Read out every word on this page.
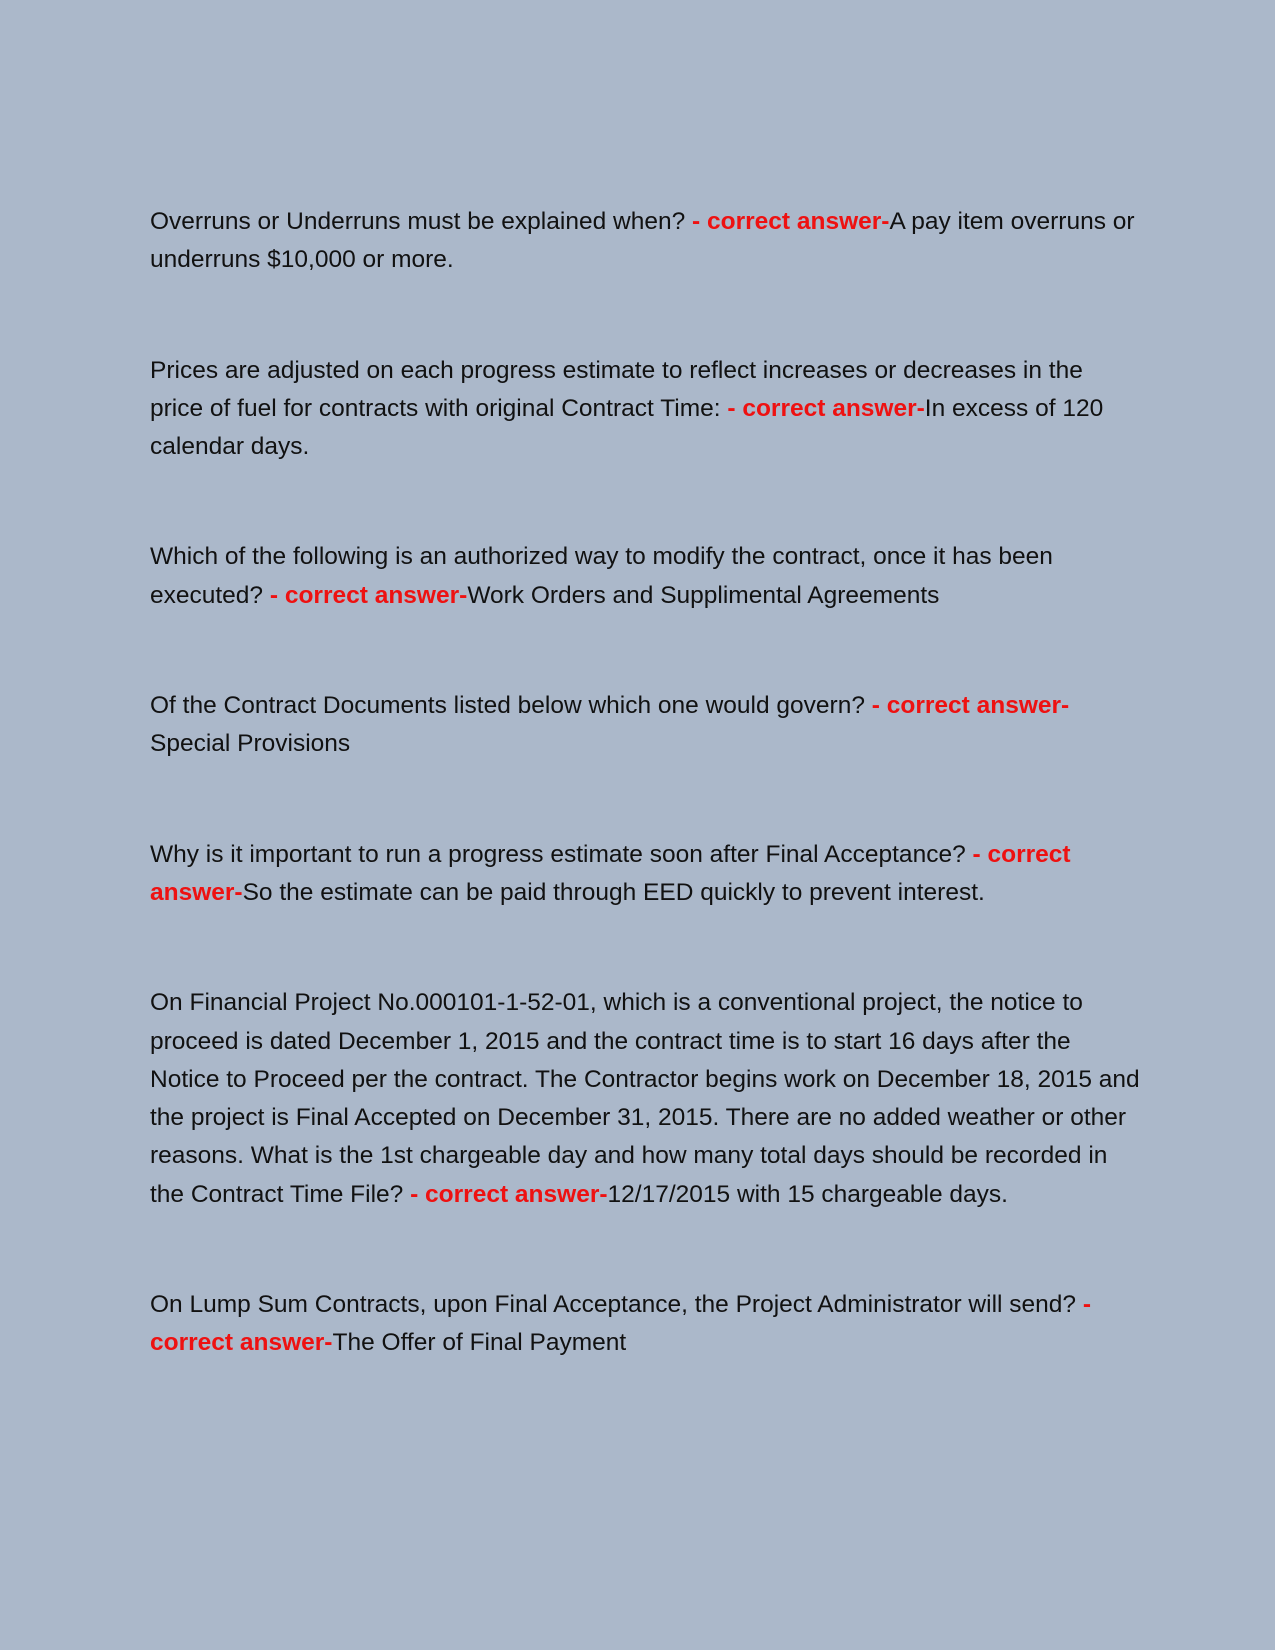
Overruns or Underruns must be explained when? - correct answer-A pay item overruns or underruns $10,000 or more.

Prices are adjusted on each progress estimate to reflect increases or decreases in the price of fuel for contracts with original Contract Time: - correct answer-In excess of 120 calendar days.

Which of the following is an authorized way to modify the contract, once it has been executed? - correct answer-Work Orders and Supplimental Agreements

Of the Contract Documents listed below which one would govern? - correct answer-Special Provisions

Why is it important to run a progress estimate soon after Final Acceptance? - correct answer-So the estimate can be paid through EED quickly to prevent interest.

On Financial Project No.000101-1-52-01, which is a conventional project, the notice to proceed is dated December 1, 2015 and the contract time is to start 16 days after the Notice to Proceed per the contract. The Contractor begins work on December 18, 2015 and the project is Final Accepted on December 31, 2015. There are no added weather or other reasons. What is the 1st chargeable day and how many total days should be recorded in the Contract Time File? - correct answer-12/17/2015 with 15 chargeable days.

On Lump Sum Contracts, upon Final Acceptance, the Project Administrator will send? - correct answer-The Offer of Final Payment
